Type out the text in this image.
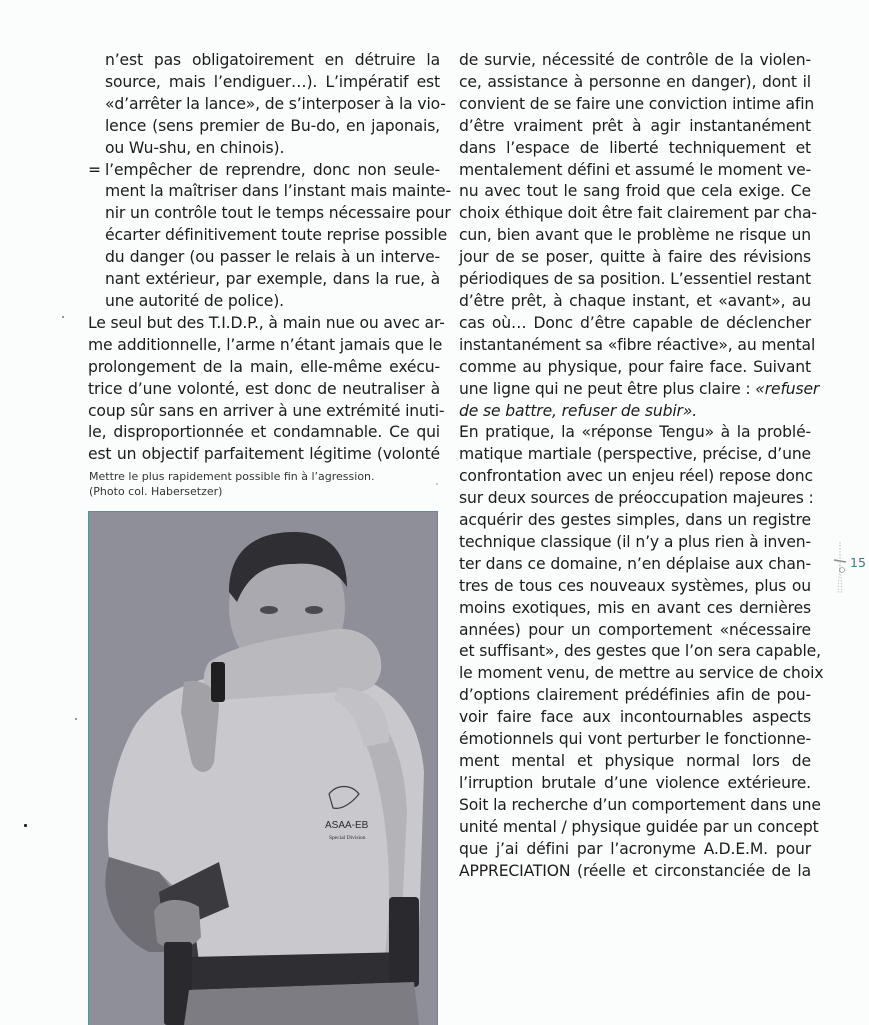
n’est pas obligatoirement en détruire la
source, mais l’endiguer…). L’impératif est
«d’arrêter la lance», de s’interposer à la vio-
lence (sens premier de Bu-do, en japonais,
ou Wu-shu, en chinois).
= l’empêcher de reprendre, donc non seule-
ment la maîtriser dans l’instant mais mainte-
nir un contrôle tout le temps nécessaire pour
écarter définitivement toute reprise possible
du danger (ou passer le relais à un interve-
nant extérieur, par exemple, dans la rue, à
une autorité de police).
Le seul but des T.I.D.P., à main nue ou avec ar-
me additionnelle, l’arme n’étant jamais que le
prolongement de la main, elle-même exécu-
trice d’une volonté, est donc de neutraliser à
coup sûr sans en arriver à une extrémité inuti-
le, disproportionnée et condamnable. Ce qui
est un objectif parfaitement légitime (volonté
Mettre le plus rapidement possible fin à l’agression.
(Photo col. Habersetzer)
ASAA-EB
Special Division
de survie, nécessité de contrôle de la violen-
ce, assistance à personne en danger), dont il
convient de se faire une conviction intime afin
d’être vraiment prêt à agir instantanément
dans l’espace de liberté techniquement et
mentalement défini et assumé le moment ve-
nu avec tout le sang froid que cela exige. Ce
choix éthique doit être fait clairement par cha-
cun, bien avant que le problème ne risque un
jour de se poser, quitte à faire des révisions
périodiques de sa position. L’essentiel restant
d’être prêt, à chaque instant, et «avant», au
cas où… Donc d’être capable de déclencher
instantanément sa «fibre réactive», au mental
comme au physique, pour faire face. Suivant
une ligne qui ne peut être plus claire : «refuser
de se battre, refuser de subir».
En pratique, la «réponse Tengu» à la problé-
matique martiale (perspective, précise, d’une
confrontation avec un enjeu réel) repose donc
sur deux sources de préoccupation majeures :
acquérir des gestes simples, dans un registre
technique classique (il n’y a plus rien à inven-
ter dans ce domaine, n’en déplaise aux chan-
tres de tous ces nouveaux systèmes, plus ou
moins exotiques, mis en avant ces dernières
années) pour un comportement «nécessaire
et suffisant», des gestes que l’on sera capable,
le moment venu, de mettre au service de choix
d’options clairement prédéfinies afin de pou-
voir faire face aux incontournables aspects
émotionnels qui vont perturber le fonctionne-
ment mental et physique normal lors de
l’irruption brutale d’une violence extérieure.
Soit la recherche d’un comportement dans une
unité mental / physique guidée par un concept
que j’ai défini par l’acronyme A.D.E.M. pour
APPRECIATION (réelle et circonstanciée de la
15
